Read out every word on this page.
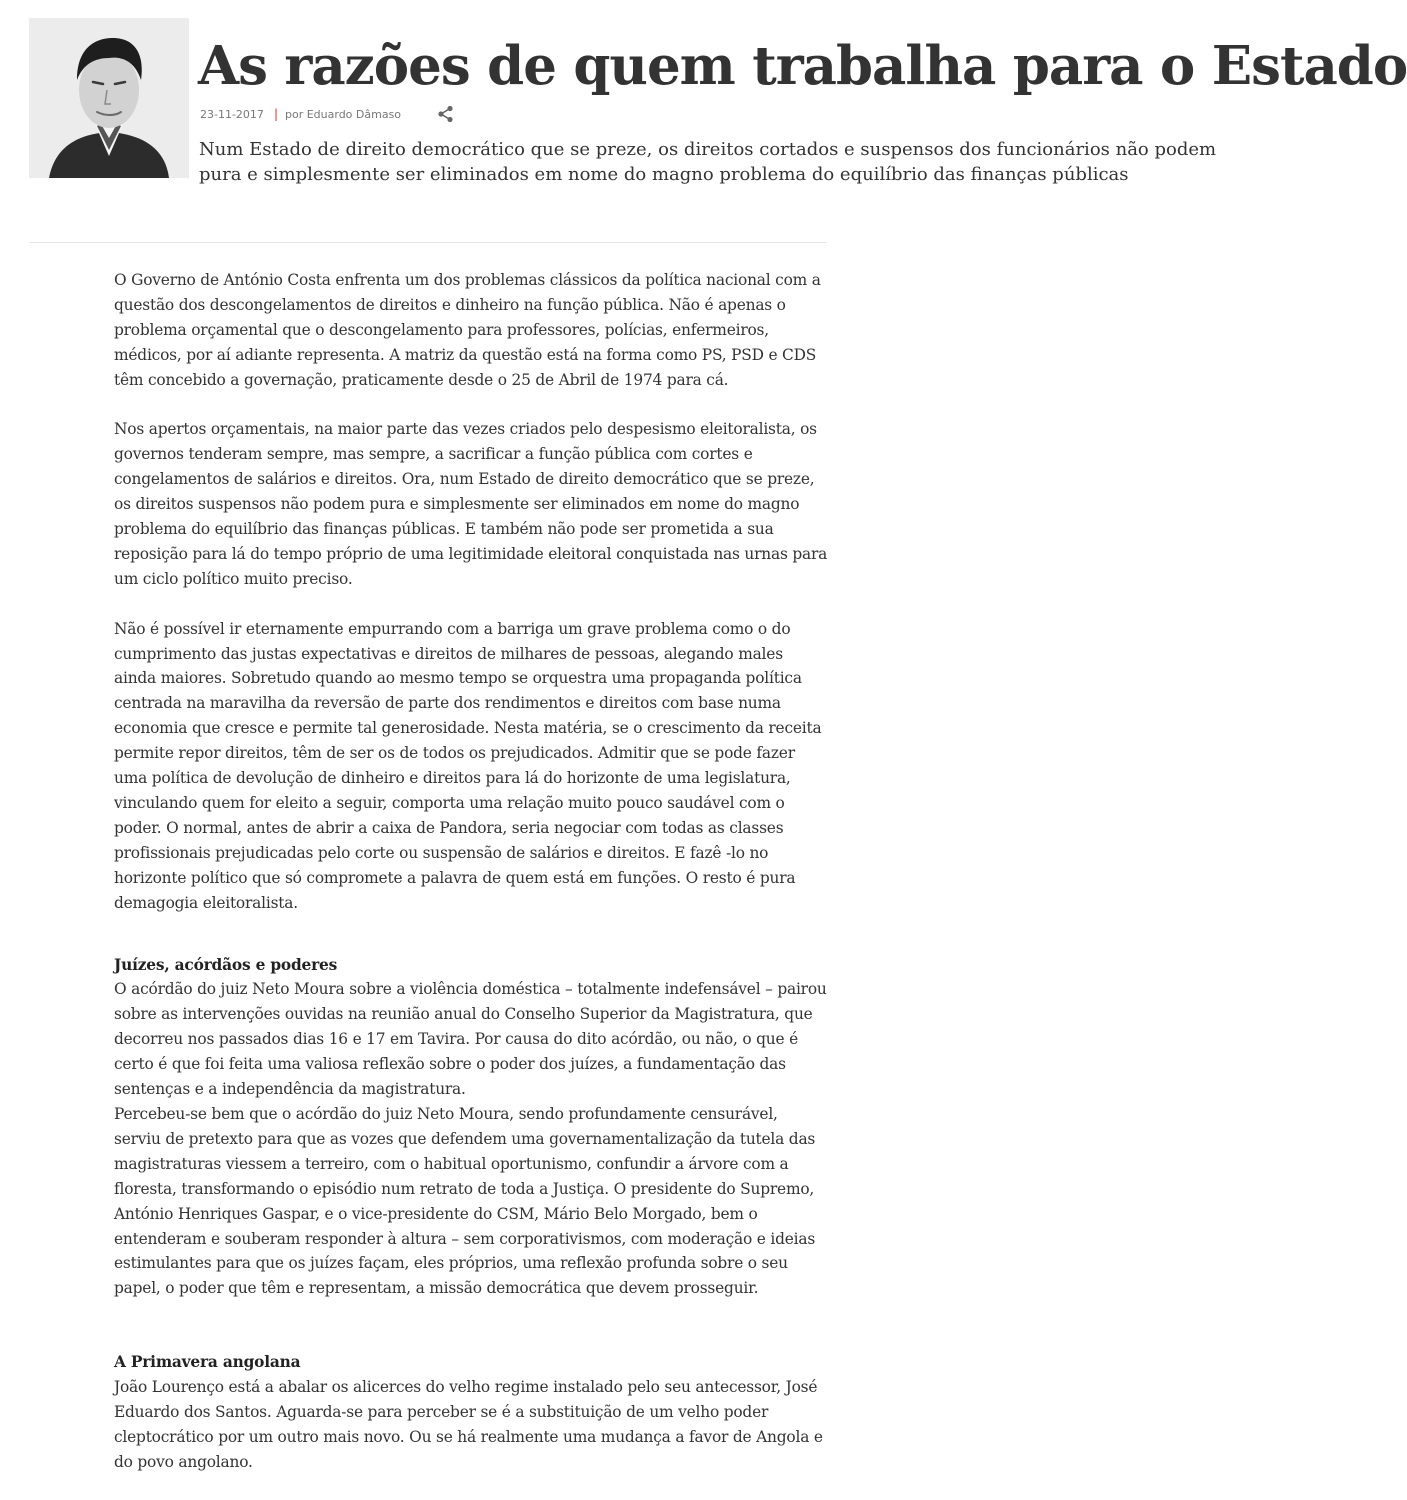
As razões de quem trabalha para o Estado
23-11-2017 | por Eduardo Dâmaso

Num Estado de direito democrático que se preze, os direitos cortados e suspensos dos funcionários não podem pura e simplesmente ser eliminados em nome do magno problema do equilíbrio das finanças públicas

O Governo de António Costa enfrenta um dos problemas clássicos da política nacional com a questão dos descongelamentos de direitos e dinheiro na função pública. Não é apenas o problema orçamental que o descongelamento para professores, polícias, enfermeiros, médicos, por aí adiante representa. A matriz da questão está na forma como PS, PSD e CDS têm concebido a governação, praticamente desde o 25 de Abril de 1974 para cá.

Nos apertos orçamentais, na maior parte das vezes criados pelo despesismo eleitoralista, os governos tenderam sempre, mas sempre, a sacrificar a função pública com cortes e congelamentos de salários e direitos. Ora, num Estado de direito democrático que se preze, os direitos suspensos não podem pura e simplesmente ser eliminados em nome do magno problema do equilíbrio das finanças públicas. E também não pode ser prometida a sua reposição para lá do tempo próprio de uma legitimidade eleitoral conquistada nas urnas para um ciclo político muito preciso.

Não é possível ir eternamente empurrando com a barriga um grave problema como o do cumprimento das justas expectativas e direitos de milhares de pessoas, alegando males ainda maiores. Sobretudo quando ao mesmo tempo se orquestra uma propaganda política centrada na maravilha da reversão de parte dos rendimentos e direitos com base numa economia que cresce e permite tal generosidade. Nesta matéria, se o crescimento da receita permite repor direitos, têm de ser os de todos os prejudicados. Admitir que se pode fazer uma política de devolução de dinheiro e direitos para lá do horizonte de uma legislatura, vinculando quem for eleito a seguir, comporta uma relação muito pouco saudável com o poder. O normal, antes de abrir a caixa de Pandora, seria negociar com todas as classes profissionais prejudicadas pelo corte ou suspensão de salários e direitos. E fazê -lo no horizonte político que só compromete a palavra de quem está em funções. O resto é pura demagogia eleitoralista.

Juízes, acórdãos e poderes

O acórdão do juiz Neto Moura sobre a violência doméstica – totalmente indefensável – pairou sobre as intervenções ouvidas na reunião anual do Conselho Superior da Magistratura, que decorreu nos passados dias 16 e 17 em Tavira. Por causa do dito acórdão, ou não, o que é certo é que foi feita uma valiosa reflexão sobre o poder dos juízes, a fundamentação das sentenças e a independência da magistratura.

Percebeu-se bem que o acórdão do juiz Neto Moura, sendo profundamente censurável, serviu de pretexto para que as vozes que defendem uma governamentalização da tutela das magistraturas viessem a terreiro, com o habitual oportunismo, confundir a árvore com a floresta, transformando o episódio num retrato de toda a Justiça. O presidente do Supremo, António Henriques Gaspar, e o vice-presidente do CSM, Mário Belo Morgado, bem o entenderam e souberam responder à altura – sem corporativismos, com moderação e ideias estimulantes para que os juízes façam, eles próprios, uma reflexão profunda sobre o seu papel, o poder que têm e representam, a missão democrática que devem prosseguir.

A Primavera angolana

João Lourenço está a abalar os alicerces do velho regime instalado pelo seu antecessor, José Eduardo dos Santos. Aguarda-se para perceber se é a substituição de um velho poder cleptocrático por um outro mais novo. Ou se há realmente uma mudança a favor de Angola e do povo angolano.
